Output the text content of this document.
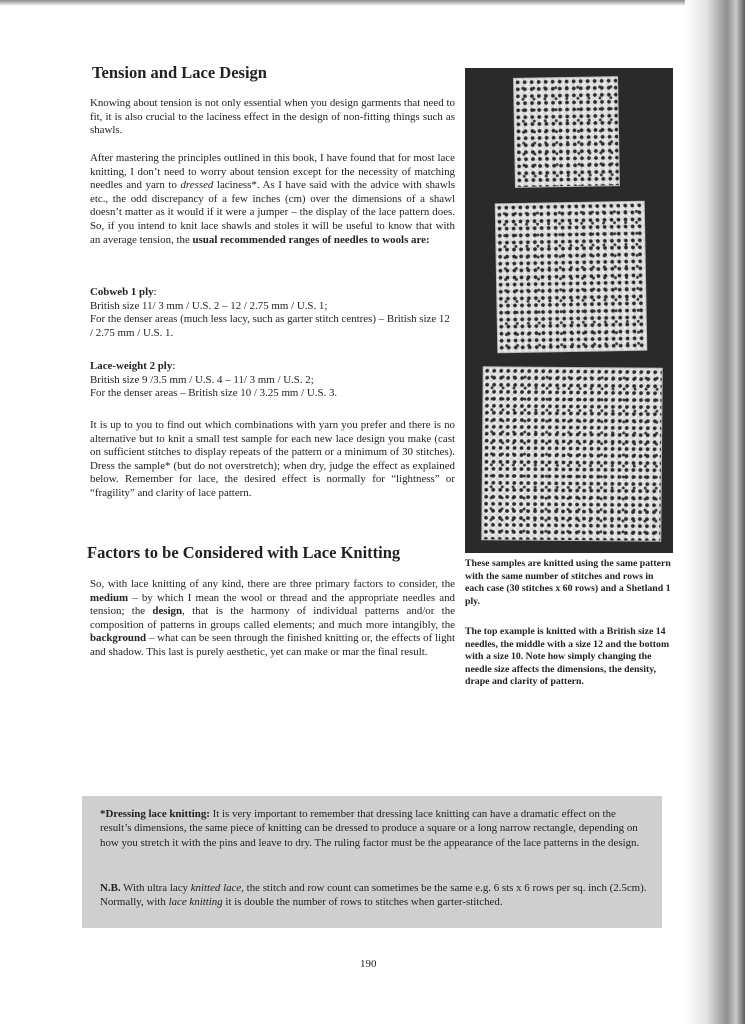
Tension and Lace Design

Knowing about tension is not only essential when you design garments that need to fit, it is also crucial to the laciness effect in the design of non-fitting things such as shawls.

After mastering the principles outlined in this book, I have found that for most lace knitting, I don’t need to worry about tension except for the necessity of matching needles and yarn to dressed laciness*. As I have said with the advice with shawls etc., the odd discrepancy of a few inches (cm) over the dimensions of a shawl doesn’t matter as it would if it were a jumper – the display of the lace pattern does. So, if you intend to knit lace shawls and stoles it will be useful to know that with an average tension, the usual recommended ranges of needles to wools are:

Cobweb 1 ply:
British size 11/ 3 mm / U.S. 2 – 12 / 2.75 mm / U.S. 1;
For the denser areas (much less lacy, such as garter stitch centres) – British size 12 / 2.75 mm / U.S. 1.
Lace-weight 2 ply:
British size 9 /3.5 mm / U.S. 4 – 11/ 3 mm / U.S. 2;
For the denser areas – British size 10 / 3.25 mm / U.S. 3.

It is up to you to find out which combinations with yarn you prefer and there is no alternative but to knit a small test sample for each new lace design you make (cast on sufficient stitches to display repeats of the pattern or a minimum of 30 stitches). Dress the sample* (but do not overstretch); when dry, judge the effect as explained below. Remember for lace, the desired effect is normally for “lightness” or “fragility” and clarity of lace pattern.

Factors to be Considered with Lace Knitting

So, with lace knitting of any kind, there are three primary factors to consider, the medium – by which I mean the wool or thread and the appropriate needles and tension; the design, that is the harmony of individual patterns and/or the composition of patterns in groups called elements; and much more intangibly, the background – what can be seen through the finished knitting or, the effects of light and shadow. This last is purely aesthetic, yet can make or mar the final result.

These samples are knitted using the same pattern with the same number of stitches and rows in each case (30 stitches x 60 rows) and a Shetland 1 ply.

The top example is knitted with a British size 14 needles, the middle with a size 12 and the bottom with a size 10. Note how simply changing the needle size affects the dimensions, the density, drape and clarity of pattern.

*Dressing lace knitting: It is very important to remember that dressing lace knitting can have a dramatic effect on the result’s dimensions, the same piece of knitting can be dressed to produce a square or a long narrow rectangle, depending on how you stretch it with the pins and leave to dry. The ruling factor must be the appearance of the lace patterns in the design.

N.B. With ultra lacy knitted lace, the stitch and row count can sometimes be the same e.g. 6 sts x 6 rows per sq. inch (2.5cm). Normally, with lace knitting it is double the number of rows to stitches when garter-stitched.

190
